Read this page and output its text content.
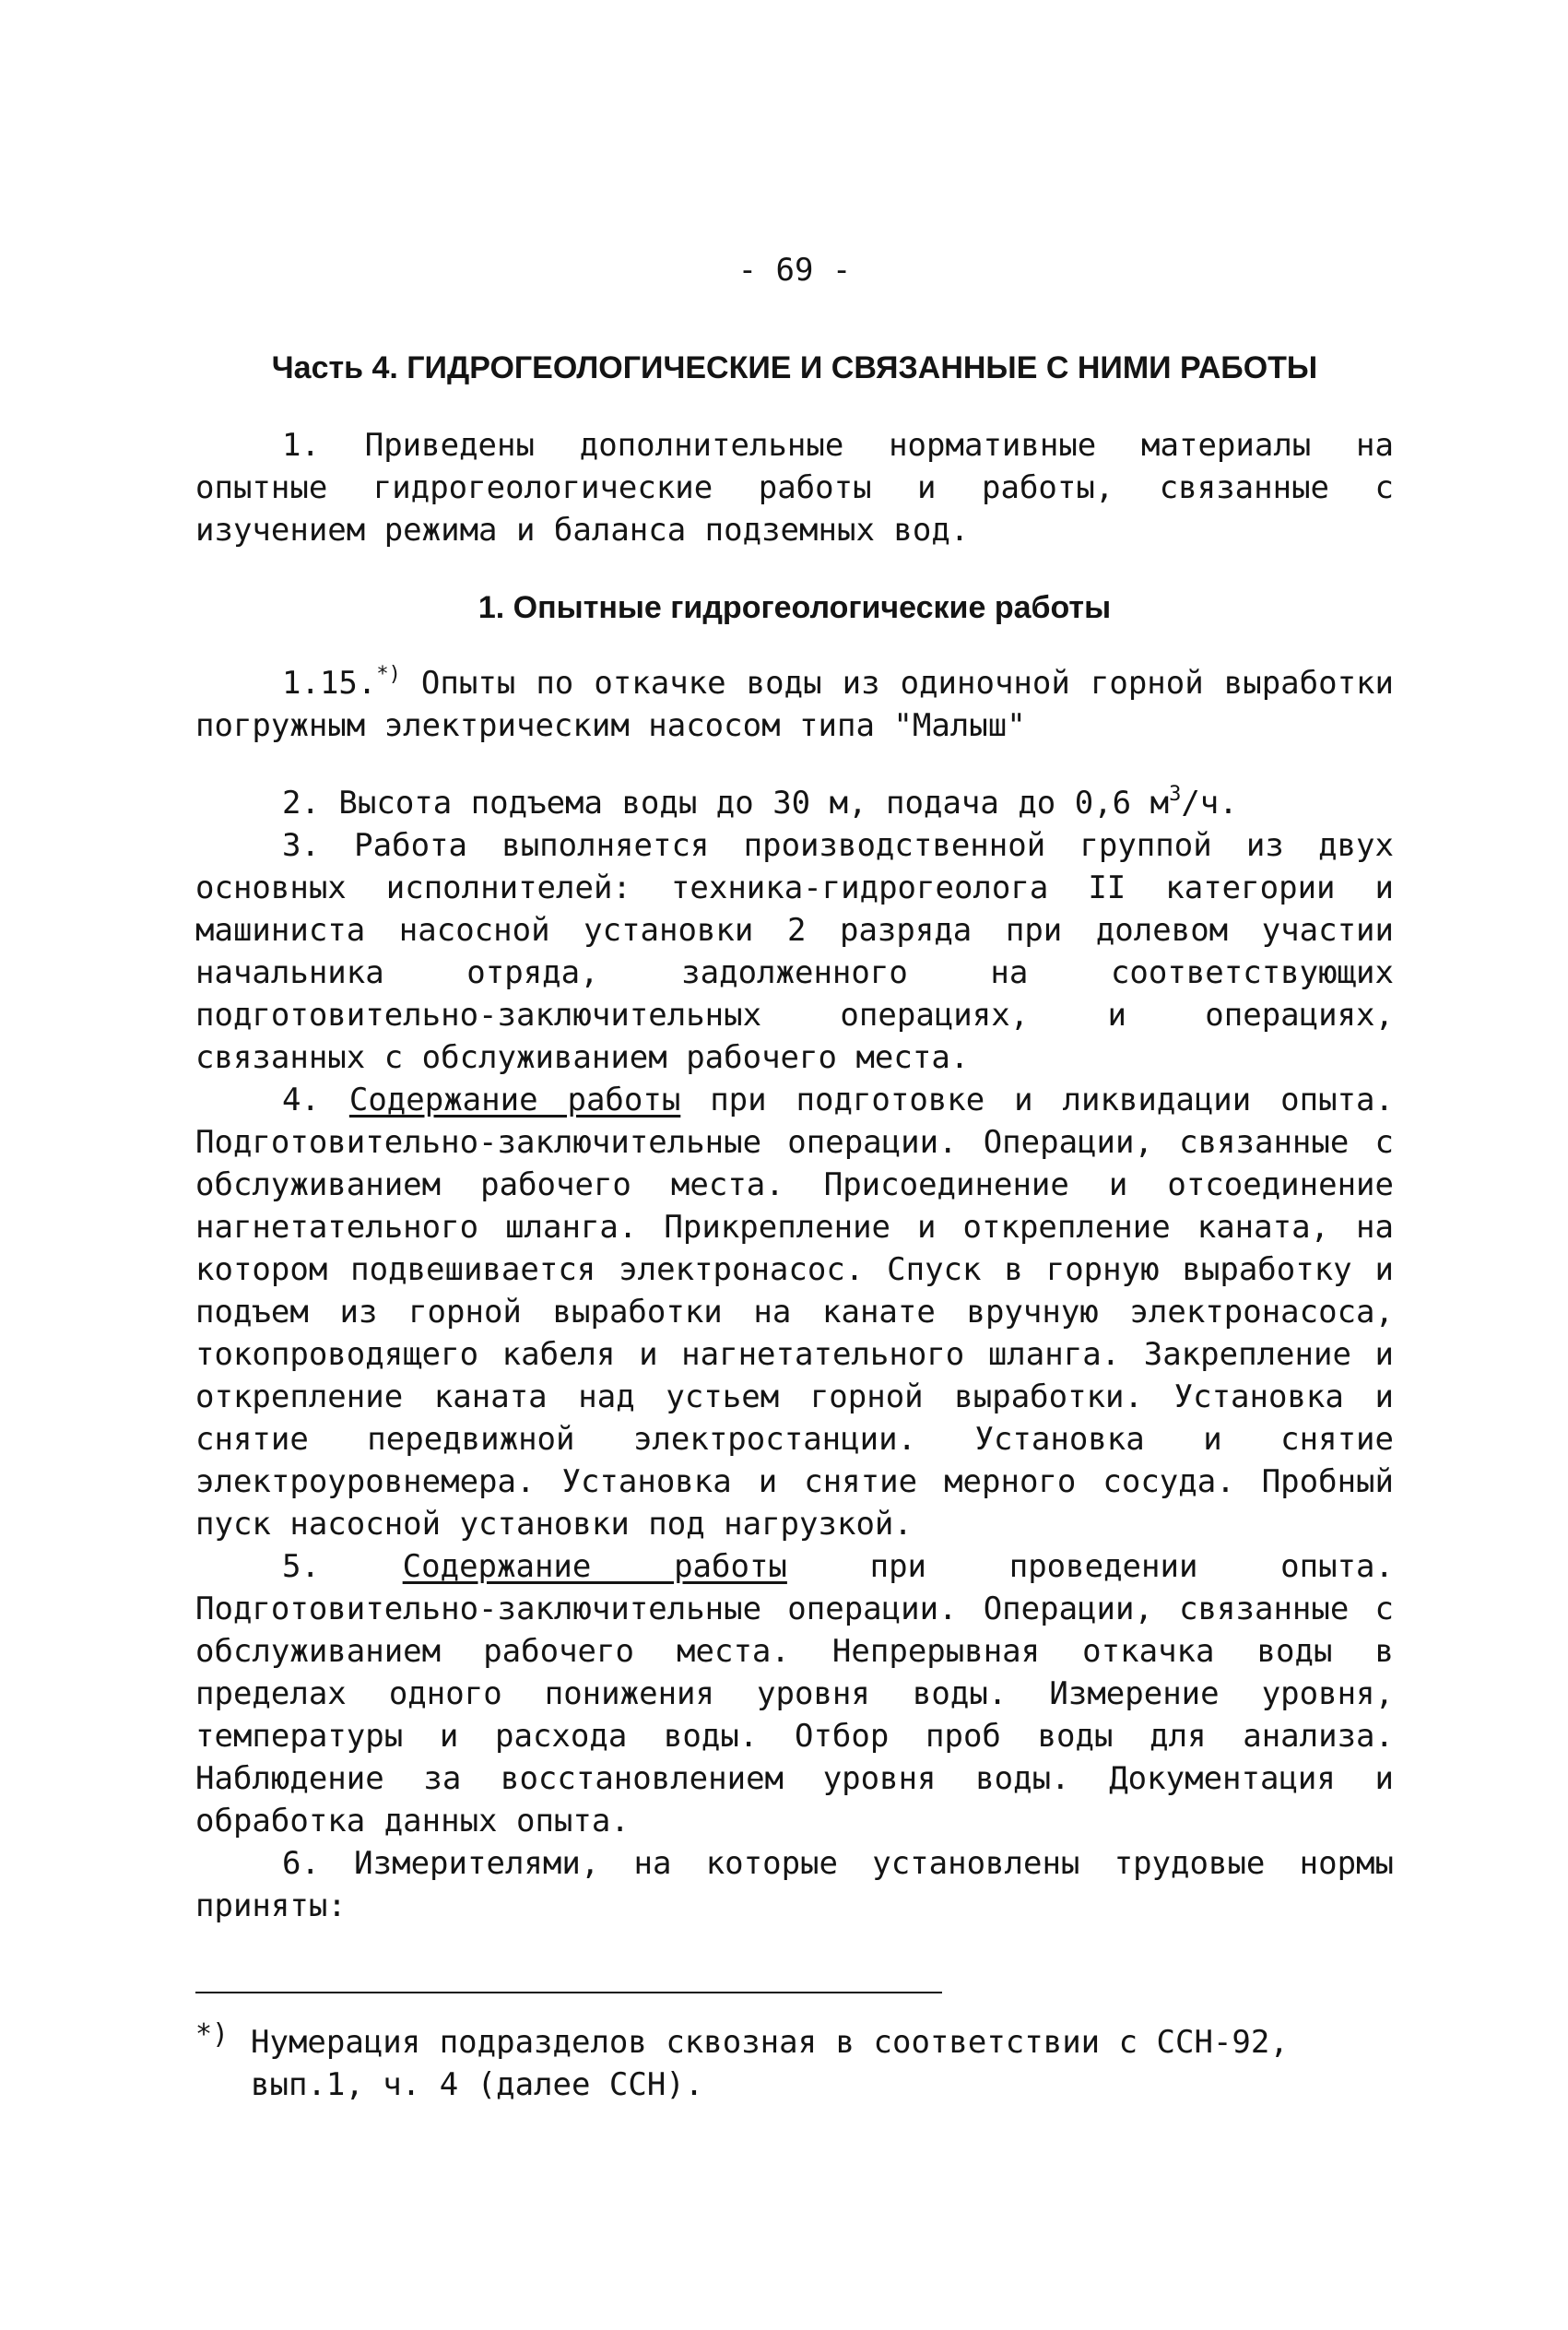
- 69 -
Часть 4. ГИДРОГЕОЛОГИЧЕСКИЕ И СВЯЗАННЫЕ С НИМИ РАБОТЫ

1. Приведены дополнительные нормативные материалы на опытные гидрогеологические работы и работы, связанные с изучением режима и баланса подземных вод.

1. Опытные гидрогеологические работы

1.15.*) Опыты по откачке воды из одиночной горной выработки погружным электрическим насосом типа "Малыш"

2. Высота подъема воды до 30 м, подача до 0,6 $м^3/ч$.

3. Работа выполняется производственной группой из двух основных исполнителей: техника-гидрогеолога II категории и машиниста насосной установки 2 разряда при долевом участии начальника отряда, задолженного на соответствующих подготовительно-заключительных операциях, и операциях, связанных с обслуживанием рабочего места.

4. Содержание работы при подготовке и ликвидации опыта. Подготовительно-заключительные операции. Операции, связанные с обслуживанием рабочего места. Присоединение и отсоединение нагнетательного шланга. Прикрепление и открепление каната, на котором подвешивается электронасос. Спуск в горную выработку и подъем из горной выработки на канате вручную электронасоса, токопроводящего кабеля и нагнетательного шланга. Закрепление и открепление каната над устьем горной выработки. Установка и снятие передвижной электростанции. Установка и снятие электроуровнемера. Установка и снятие мерного сосуда. Пробный пуск насосной установки под нагрузкой.

5. Содержание работы при проведении опыта. Подготовительно-заключительные операции. Операции, связанные с обслуживанием рабочего места. Непрерывная откачка воды в пределах одного понижения уровня воды. Измерение уровня, температуры и расхода воды. Отбор проб воды для анализа. Наблюдение за восстановлением уровня воды. Документация и обработка данных опыта.

6. Измерителями, на которые установлены трудовые нормы приняты:

*) Нумерация подразделов сквозная в соответствии с ССН-92, вып.1, ч. 4 (далее ССН).
